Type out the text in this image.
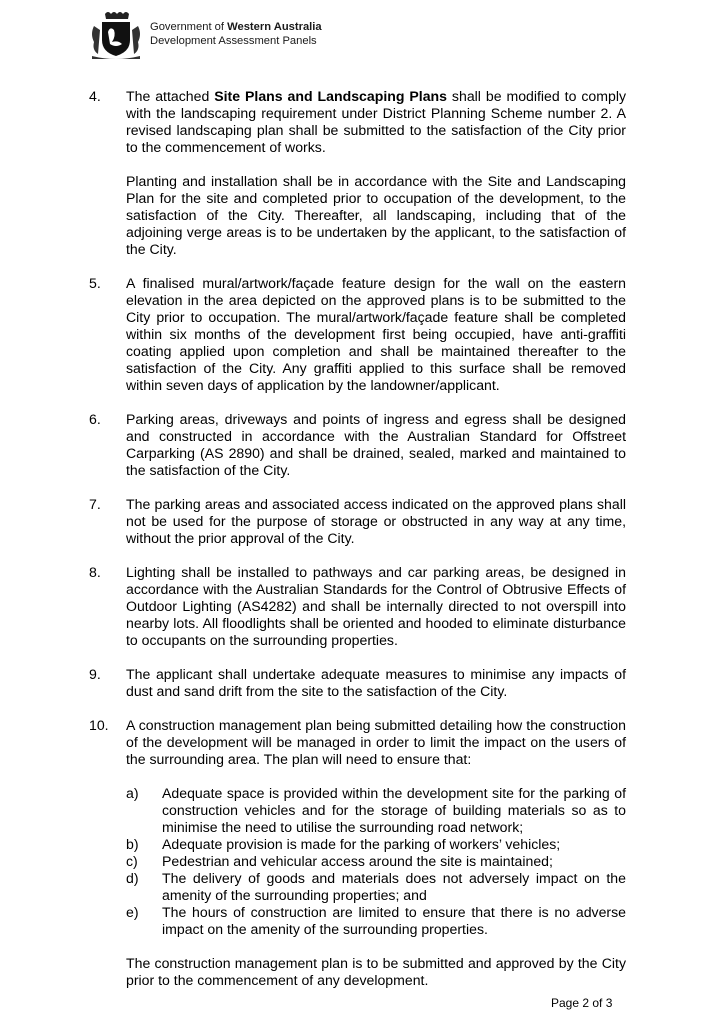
Government of Western Australia
Development Assessment Panels
4.	The attached Site Plans and Landscaping Plans shall be modified to comply with the landscaping requirement under District Planning Scheme number 2. A revised landscaping plan shall be submitted to the satisfaction of the City prior to the commencement of works.

Planting and installation shall be in accordance with the Site and Landscaping Plan for the site and completed prior to occupation of the development, to the satisfaction of the City. Thereafter, all landscaping, including that of the adjoining verge areas is to be undertaken by the applicant, to the satisfaction of the City.

5.	A finalised mural/artwork/façade feature design for the wall on the eastern elevation in the area depicted on the approved plans is to be submitted to the City prior to occupation. The mural/artwork/façade feature shall be completed within six months of the development first being occupied, have anti-graffiti coating applied upon completion and shall be maintained thereafter to the satisfaction of the City. Any graffiti applied to this surface shall be removed within seven days of application by the landowner/applicant.

6.	Parking areas, driveways and points of ingress and egress shall be designed and constructed in accordance with the Australian Standard for Offstreet Carparking (AS 2890) and shall be drained, sealed, marked and maintained to the satisfaction of the City.

7.	The parking areas and associated access indicated on the approved plans shall not be used for the purpose of storage or obstructed in any way at any time, without the prior approval of the City.

8.	Lighting shall be installed to pathways and car parking areas, be designed in accordance with the Australian Standards for the Control of Obtrusive Effects of Outdoor Lighting (AS4282) and shall be internally directed to not overspill into nearby lots. All floodlights shall be oriented and hooded to eliminate disturbance to occupants on the surrounding properties.

9.	The applicant shall undertake adequate measures to minimise any impacts of dust and sand drift from the site to the satisfaction of the City.

10.	A construction management plan being submitted detailing how the construction of the development will be managed in order to limit the impact on the users of the surrounding area. The plan will need to ensure that:

a) Adequate space is provided within the development site for the parking of construction vehicles and for the storage of building materials so as to minimise the need to utilise the surrounding road network;
b) Adequate provision is made for the parking of workers’ vehicles;
c) Pedestrian and vehicular access around the site is maintained;
d) The delivery of goods and materials does not adversely impact on the amenity of the surrounding properties; and
e) The hours of construction are limited to ensure that there is no adverse impact on the amenity of the surrounding properties.

The construction management plan is to be submitted and approved by the City prior to the commencement of any development.

Page 2 of 3
